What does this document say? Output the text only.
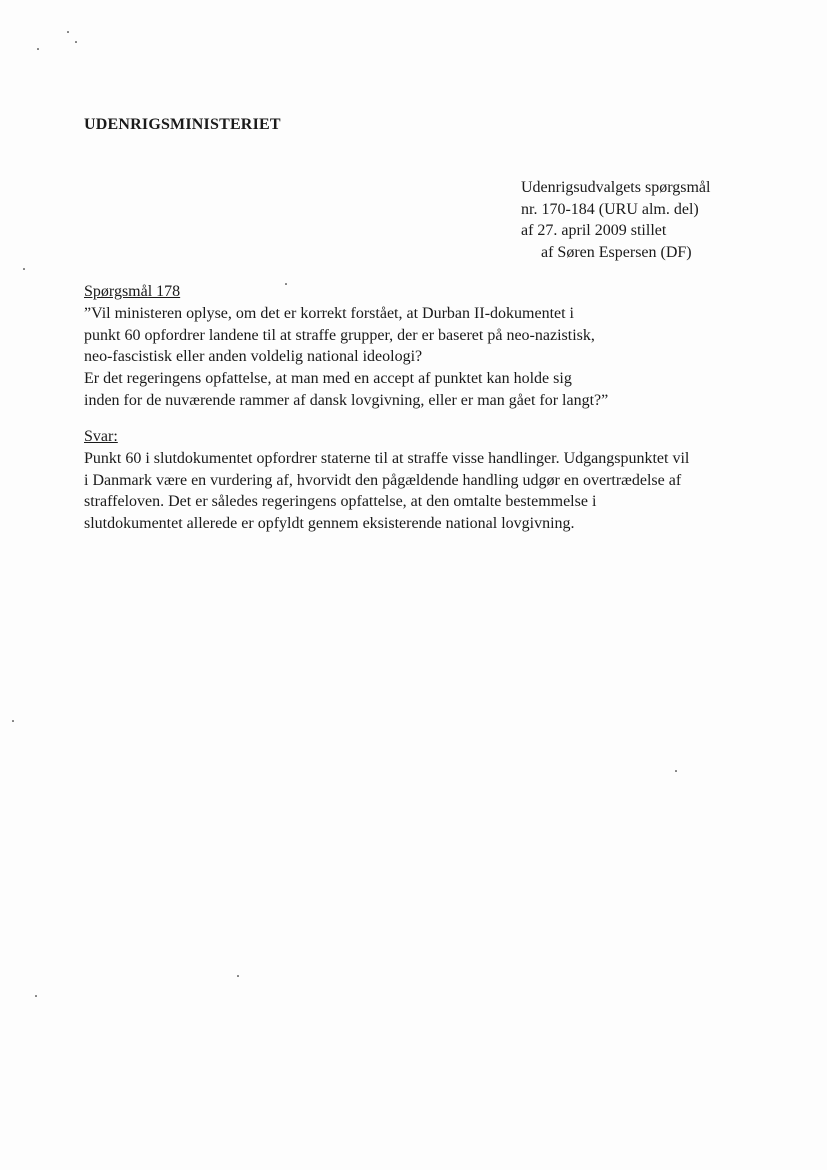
UDENRIGSMINISTERIET
Udenrigsudvalgets spørgsmål
nr. 170-184 (URU alm. del)
af 27. april 2009 stillet
af Søren Espersen (DF)
Spørgsmål 178
”Vil ministeren oplyse, om det er korrekt forstået, at Durban II-dokumentet i
punkt 60 opfordrer landene til at straffe grupper, der er baseret på neo-nazistisk,
neo-fascistisk eller anden voldelig national ideologi?
Er det regeringens opfattelse, at man med en accept af punktet kan holde sig
inden for de nuværende rammer af dansk lovgivning, eller er man gået for langt?”
Svar:
Punkt 60 i slutdokumentet opfordrer staterne til at straffe visse handlinger. Udgangspunktet vil
i Danmark være en vurdering af, hvorvidt den pågældende handling udgør en overtrædelse af
straffeloven. Det er således regeringens opfattelse, at den omtalte bestemmelse i
slutdokumentet allerede er opfyldt gennem eksisterende national lovgivning.
